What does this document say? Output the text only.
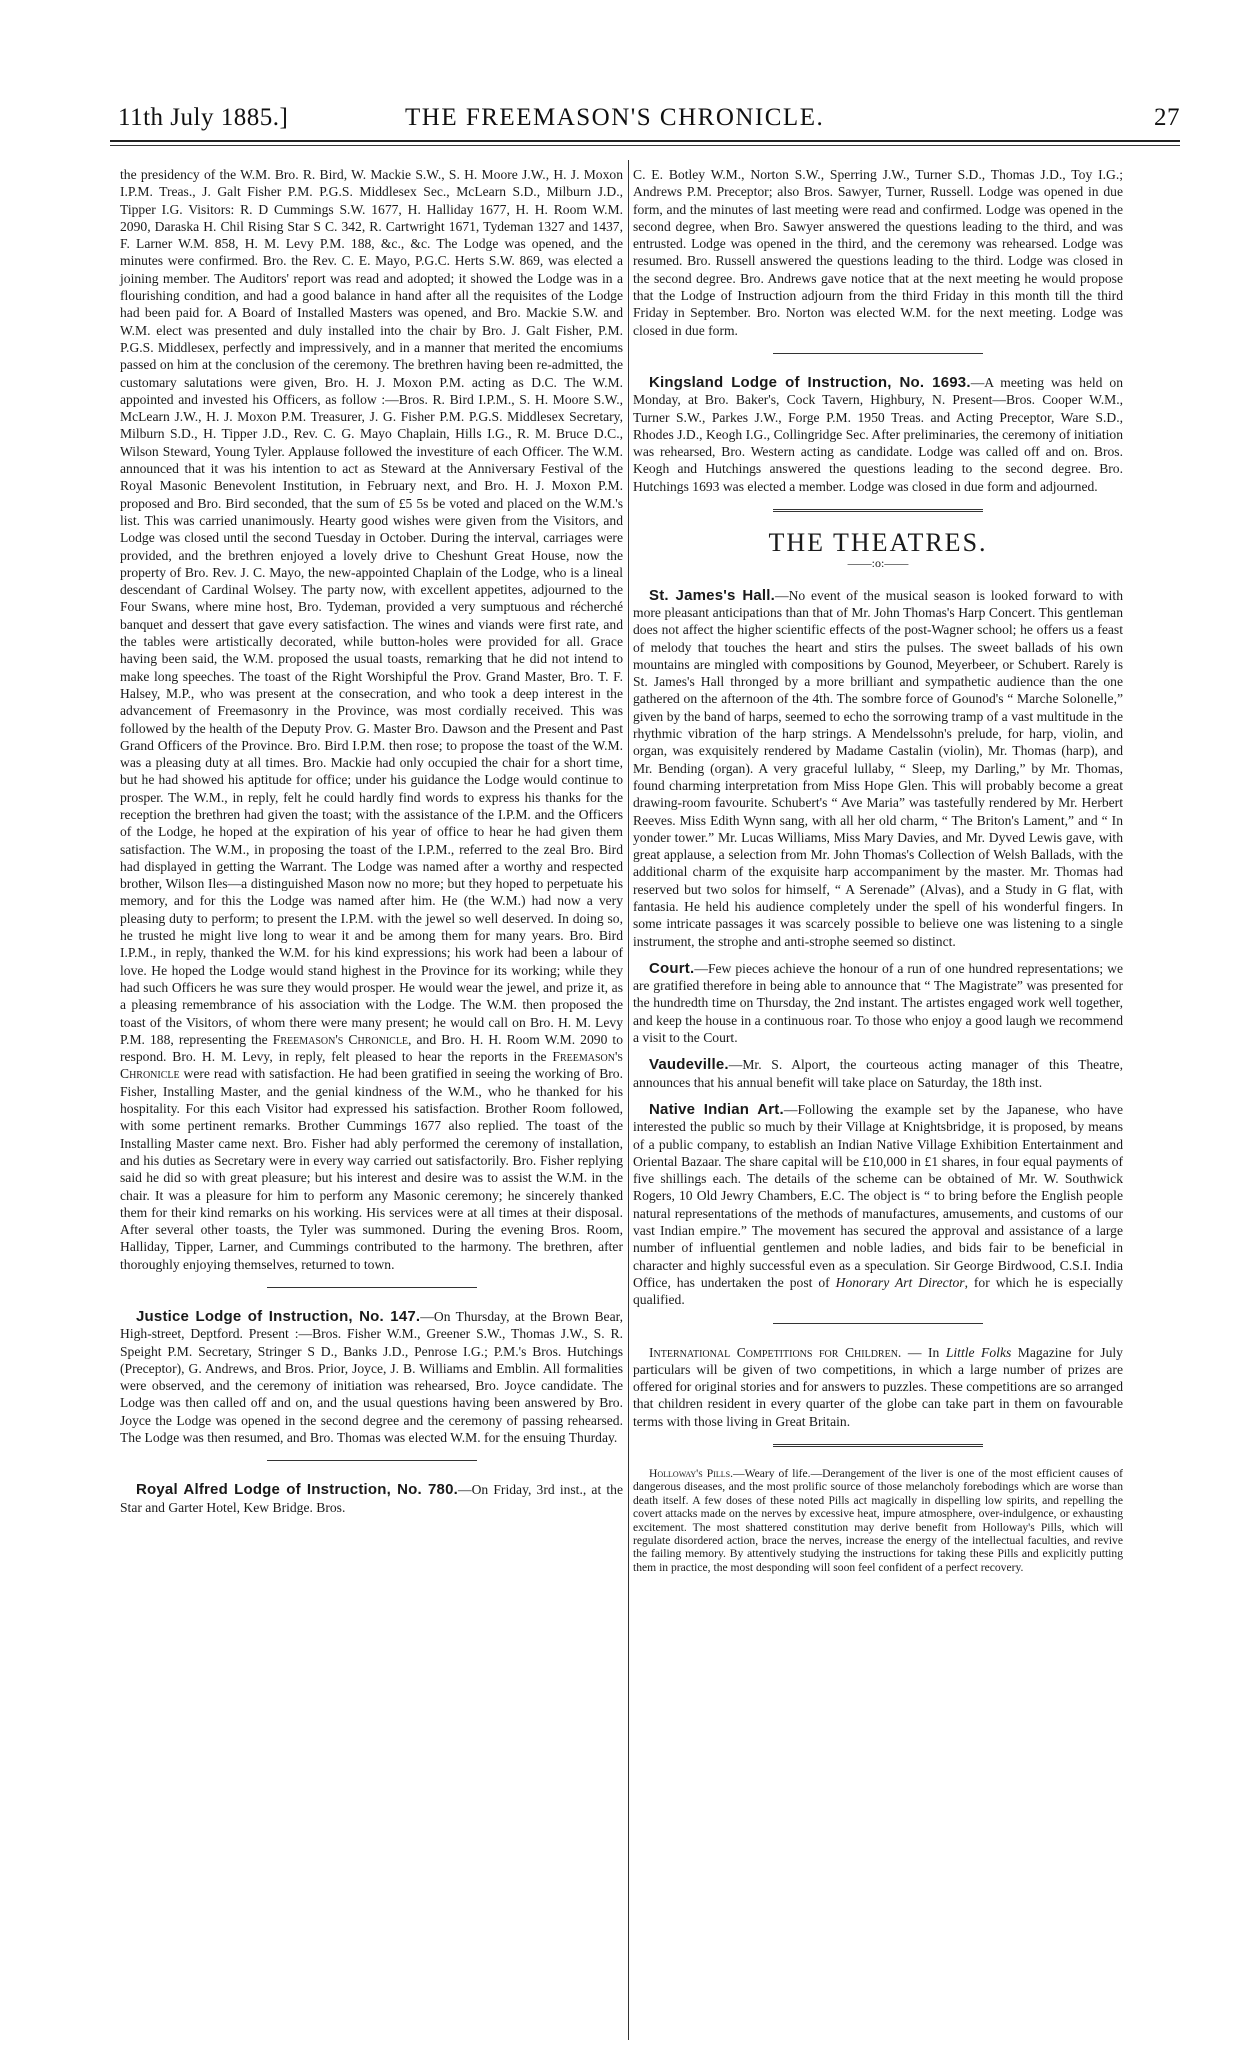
11th July 1885.]	THE FREEMASON'S CHRONICLE.	27

the presidency of the W.M. Bro. R. Bird, W. Mackie S.W., S. H. Moore J.W., H. J. Moxon I.P.M. Treas., J. Galt Fisher P.M. P.G.S. Middlesex Sec., McLearn S.D., Milburn J.D., Tipper I.G. Visitors: R. D Cummings S.W. 1677, H. Halliday 1677, H. H. Room W.M. 2090, Daraska H. Chil Rising Star S C. 342, R. Cartwright 1671, Tydeman 1327 and 1437, F. Larner W.M. 858, H. M. Levy P.M. 188, &c., &c. The Lodge was opened, and the minutes were confirmed. Bro. the Rev. C. E. Mayo, P.G.C. Herts S.W. 869, was elected a joining member. The Auditors' report was read and adopted; it showed the Lodge was in a flourishing condition, and had a good balance in hand after all the requisites of the Lodge had been paid for. A Board of Installed Masters was opened, and Bro. Mackie S.W. and W.M. elect was presented and duly installed into the chair by Bro. J. Galt Fisher, P.M. P.G.S. Middlesex, perfectly and impressively, and in a manner that merited the encomiums passed on him at the conclusion of the ceremony. The brethren having been re-admitted, the customary salutations were given, Bro. H. J. Moxon P.M. acting as D.C. The W.M. appointed and invested his Officers, as follow :—Bros. R. Bird I.P.M., S. H. Moore S.W., McLearn J.W., H. J. Moxon P.M. Treasurer, J. G. Fisher P.M. P.G.S. Middlesex Secretary, Milburn S.D., H. Tipper J.D., Rev. C. G. Mayo Chaplain, Hills I.G., R. M. Bruce D.C., Wilson Steward, Young Tyler. Applause followed the investiture of each Officer. The W.M. announced that it was his intention to act as Steward at the Anniversary Festival of the Royal Masonic Benevolent Institution, in February next, and Bro. H. J. Moxon P.M. proposed and Bro. Bird seconded, that the sum of £5 5s be voted and placed on the W.M.'s list. This was carried unanimously. Hearty good wishes were given from the Visitors, and Lodge was closed until the second Tuesday in October. During the interval, carriages were provided, and the brethren enjoyed a lovely drive to Cheshunt Great House, now the property of Bro. Rev. J. C. Mayo, the new-appointed Chaplain of the Lodge, who is a lineal descendant of Cardinal Wolsey. The party now, with excellent appetites, adjourned to the Four Swans, where mine host, Bro. Tydeman, provided a very sumptuous and récherché banquet and dessert that gave every satisfaction. The wines and viands were first rate, and the tables were artistically decorated, while button-holes were provided for all. Grace having been said, the W.M. proposed the usual toasts, remarking that he did not intend to make long speeches. The toast of the Right Worshipful the Prov. Grand Master, Bro. T. F. Halsey, M.P., who was present at the consecration, and who took a deep interest in the advancement of Freemasonry in the Province, was most cordially received. This was followed by the health of the Deputy Prov. G. Master Bro. Dawson and the Present and Past Grand Officers of the Province. Bro. Bird I.P.M. then rose; to propose the toast of the W.M. was a pleasing duty at all times. Bro. Mackie had only occupied the chair for a short time, but he had showed his aptitude for office; under his guidance the Lodge would continue to prosper. The W.M., in reply, felt he could hardly find words to express his thanks for the reception the brethren had given the toast; with the assistance of the I.P.M. and the Officers of the Lodge, he hoped at the expiration of his year of office to hear he had given them satisfaction. The W.M., in proposing the toast of the I.P.M., referred to the zeal Bro. Bird had displayed in getting the Warrant. The Lodge was named after a worthy and respected brother, Wilson Iles—a distinguished Mason now no more; but they hoped to perpetuate his memory, and for this the Lodge was named after him. He (the W.M.) had now a very pleasing duty to perform; to present the I.P.M. with the jewel so well deserved. In doing so, he trusted he might live long to wear it and be among them for many years. Bro. Bird I.P.M., in reply, thanked the W.M. for his kind expressions; his work had been a labour of love. He hoped the Lodge would stand highest in the Province for its working; while they had such Officers he was sure they would prosper. He would wear the jewel, and prize it, as a pleasing remembrance of his association with the Lodge. The W.M. then proposed the toast of the Visitors, of whom there were many present; he would call on Bro. H. M. Levy P.M. 188, representing the Freemason's Chronicle, and Bro. H. H. Room W.M. 2090 to respond. Bro. H. M. Levy, in reply, felt pleased to hear the reports in the Freemason's Chronicle were read with satisfaction. He had been gratified in seeing the working of Bro. Fisher, Installing Master, and the genial kindness of the W.M., who he thanked for his hospitality. For this each Visitor had expressed his satisfaction. Brother Room followed, with some pertinent remarks. Brother Cummings 1677 also replied. The toast of the Installing Master came next. Bro. Fisher had ably performed the ceremony of installation, and his duties as Secretary were in every way carried out satisfactorily. Bro. Fisher replying said he did so with great pleasure; but his interest and desire was to assist the W.M. in the chair. It was a pleasure for him to perform any Masonic ceremony; he sincerely thanked them for their kind remarks on his working. His services were at all times at their disposal. After several other toasts, the Tyler was summoned. During the evening Bros. Room, Halliday, Tipper, Larner, and Cummings contributed to the harmony. The brethren, after thoroughly enjoying themselves, returned to town.

Justice Lodge of Instruction, No. 147.—On Thursday, at the Brown Bear, High-street, Deptford. Present :—Bros. Fisher W.M., Greener S.W., Thomas J.W., S. R. Speight P.M. Secretary, Stringer S D., Banks J.D., Penrose I.G.; P.M.'s Bros. Hutchings (Preceptor), G. Andrews, and Bros. Prior, Joyce, J. B. Williams and Emblin. All formalities were observed, and the ceremony of initiation was rehearsed, Bro. Joyce candidate. The Lodge was then called off and on, and the usual questions having been answered by Bro. Joyce the Lodge was opened in the second degree and the ceremony of passing rehearsed. The Lodge was then resumed, and Bro. Thomas was elected W.M. for the ensuing Thurday.

Royal Alfred Lodge of Instruction, No. 780.—On Friday, 3rd inst., at the Star and Garter Hotel, Kew Bridge. Bros.

C. E. Botley W.M., Norton S.W., Sperring J.W., Turner S.D., Thomas J.D., Toy I.G.; Andrews P.M. Preceptor; also Bros. Sawyer, Turner, Russell. Lodge was opened in due form, and the minutes of last meeting were read and confirmed. Lodge was opened in the second degree, when Bro. Sawyer answered the questions leading to the third, and was entrusted. Lodge was opened in the third, and the ceremony was rehearsed. Lodge was resumed. Bro. Russell answered the questions leading to the third. Lodge was closed in the second degree. Bro. Andrews gave notice that at the next meeting he would propose that the Lodge of Instruction adjourn from the third Friday in this month till the third Friday in September. Bro. Norton was elected W.M. for the next meeting. Lodge was closed in due form.

Kingsland Lodge of Instruction, No. 1693.—A meeting was held on Monday, at Bro. Baker's, Cock Tavern, Highbury, N. Present—Bros. Cooper W.M., Turner S.W., Parkes J.W., Forge P.M. 1950 Treas. and Acting Preceptor, Ware S.D., Rhodes J.D., Keogh I.G., Collingridge Sec. After preliminaries, the ceremony of initiation was rehearsed, Bro. Western acting as candidate. Lodge was called off and on. Bros. Keogh and Hutchings answered the questions leading to the second degree. Bro. Hutchings 1693 was elected a member. Lodge was closed in due form and adjourned.

THE THEATRES.
——:o:——

St. James's Hall.—No event of the musical season is looked forward to with more pleasant anticipations than that of Mr. John Thomas's Harp Concert. This gentleman does not affect the higher scientific effects of the post-Wagner school; he offers us a feast of melody that touches the heart and stirs the pulses. The sweet ballads of his own mountains are mingled with compositions by Gounod, Meyerbeer, or Schubert. Rarely is St. James's Hall thronged by a more brilliant and sympathetic audience than the one gathered on the afternoon of the 4th. The sombre force of Gounod's “ Marche Solonelle,” given by the band of harps, seemed to echo the sorrowing tramp of a vast multitude in the rhythmic vibration of the harp strings. A Mendelssohn's prelude, for harp, violin, and organ, was exquisitely rendered by Madame Castalin (violin), Mr. Thomas (harp), and Mr. Bending (organ). A very graceful lullaby, “ Sleep, my Darling,” by Mr. Thomas, found charming interpretation from Miss Hope Glen. This will probably become a great drawing-room favourite. Schubert's “ Ave Maria” was tastefully rendered by Mr. Herbert Reeves. Miss Edith Wynn sang, with all her old charm, “ The Briton's Lament,” and “ In yonder tower.” Mr. Lucas Williams, Miss Mary Davies, and Mr. Dyved Lewis gave, with great applause, a selection from Mr. John Thomas's Collection of Welsh Ballads, with the additional charm of the exquisite harp accompaniment by the master. Mr. Thomas had reserved but two solos for himself, “ A Serenade” (Alvas), and a Study in G flat, with fantasia. He held his audience completely under the spell of his wonderful fingers. In some intricate passages it was scarcely possible to believe one was listening to a single instrument, the strophe and anti-strophe seemed so distinct.

Court.—Few pieces achieve the honour of a run of one hundred representations; we are gratified therefore in being able to announce that “ The Magistrate” was presented for the hundredth time on Thursday, the 2nd instant. The artistes engaged work well together, and keep the house in a continuous roar. To those who enjoy a good laugh we recommend a visit to the Court.

Vaudeville.—Mr. S. Alport, the courteous acting manager of this Theatre, announces that his annual benefit will take place on Saturday, the 18th inst.

Native Indian Art.—Following the example set by the Japanese, who have interested the public so much by their Village at Knightsbridge, it is proposed, by means of a public company, to establish an Indian Native Village Exhibition Entertainment and Oriental Bazaar. The share capital will be £10,000 in £1 shares, in four equal payments of five shillings each. The details of the scheme can be obtained of Mr. W. Southwick Rogers, 10 Old Jewry Chambers, E.C. The object is “ to bring before the English people natural representations of the methods of manufactures, amusements, and customs of our vast Indian empire.” The movement has secured the approval and assistance of a large number of influential gentlemen and noble ladies, and bids fair to be beneficial in character and highly successful even as a speculation. Sir George Birdwood, C.S.I. India Office, has undertaken the post of Honorary Art Director, for which he is especially qualified.

International Competitions for Children. — In Little Folks Magazine for July particulars will be given of two competitions, in which a large number of prizes are offered for original stories and for answers to puzzles. These competitions are so arranged that children resident in every quarter of the globe can take part in them on favourable terms with those living in Great Britain.

Holloway's Pills.—Weary of life.—Derangement of the liver is one of the most efficient causes of dangerous diseases, and the most prolific source of those melancholy forebodings which are worse than death itself. A few doses of these noted Pills act magically in dispelling low spirits, and repelling the covert attacks made on the nerves by excessive heat, impure atmosphere, over-indulgence, or exhausting excitement. The most shattered constitution may derive benefit from Holloway's Pills, which will regulate disordered action, brace the nerves, increase the energy of the intellectual faculties, and revive the failing memory. By attentively studying the instructions for taking these Pills and explicitly putting them in practice, the most desponding will soon feel confident of a perfect recovery.
